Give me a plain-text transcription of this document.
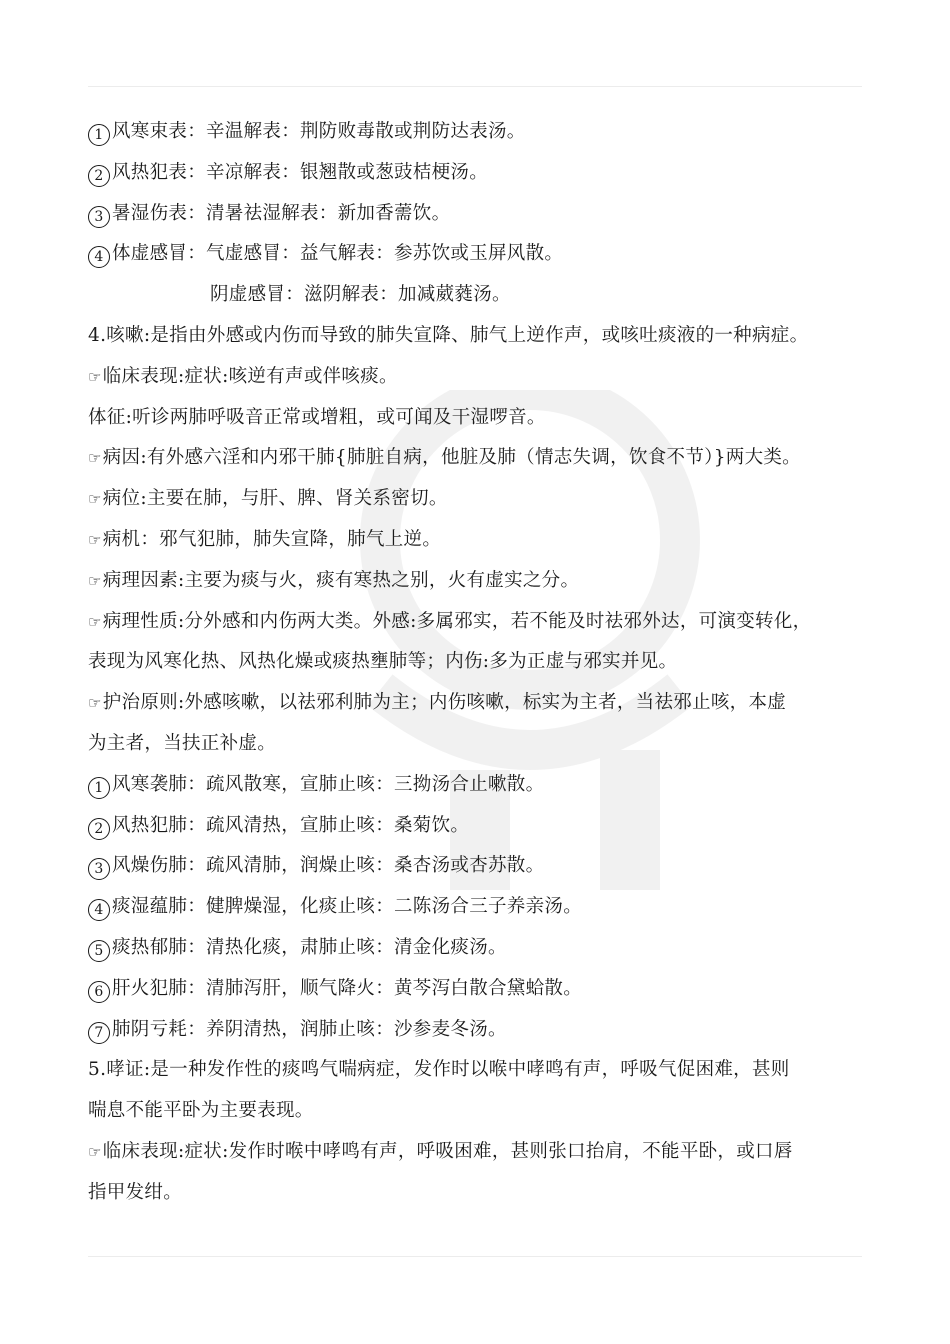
1 风寒束表：辛温解表：荆防败毒散或荆防达表汤。
2 风热犯表：辛凉解表：银翘散或葱豉桔梗汤。
3 暑湿伤表：清暑祛湿解表：新加香薷饮。
4 体虚感冒：气虚感冒：益气解表：参苏饮或玉屏风散。
阴虚感冒：滋阴解表：加减葳蕤汤。
4.咳嗽:是指由外感或内伤而导致的肺失宣降、肺气上逆作声，或咳吐痰液的一种病症。
☞临床表现:症状:咳逆有声或伴咳痰。
体征:听诊两肺呼吸音正常或增粗，或可闻及干湿啰音。
☞病因:有外感六淫和内邪干肺{肺脏自病，他脏及肺（情志失调，饮食不节）}两大类。
☞病位:主要在肺，与肝、脾、肾关系密切。
☞病机：邪气犯肺，肺失宣降，肺气上逆。
☞病理因素:主要为痰与火，痰有寒热之别，火有虚实之分。
☞病理性质:分外感和内伤两大类。外感:多属邪实，若不能及时祛邪外达，可演变转化，
表现为风寒化热、风热化燥或痰热壅肺等；内伤:多为正虚与邪实并见。
☞护治原则:外感咳嗽，以祛邪利肺为主；内伤咳嗽，标实为主者，当祛邪止咳，本虚
为主者，当扶正补虚。
1 风寒袭肺：疏风散寒，宣肺止咳：三拗汤合止嗽散。
2 风热犯肺：疏风清热，宣肺止咳：桑菊饮。
3 风燥伤肺：疏风清肺，润燥止咳：桑杏汤或杏苏散。
4 痰湿蕴肺：健脾燥湿，化痰止咳：二陈汤合三子养亲汤。
5 痰热郁肺：清热化痰，肃肺止咳：清金化痰汤。
6 肝火犯肺：清肺泻肝，顺气降火：黄芩泻白散合黛蛤散。
7 肺阴亏耗：养阴清热，润肺止咳：沙参麦冬汤。
5.哮证:是一种发作性的痰鸣气喘病症，发作时以喉中哮鸣有声，呼吸气促困难，甚则
喘息不能平卧为主要表现。
☞临床表现:症状:发作时喉中哮鸣有声，呼吸困难，甚则张口抬肩，不能平卧，或口唇
指甲发绀。
